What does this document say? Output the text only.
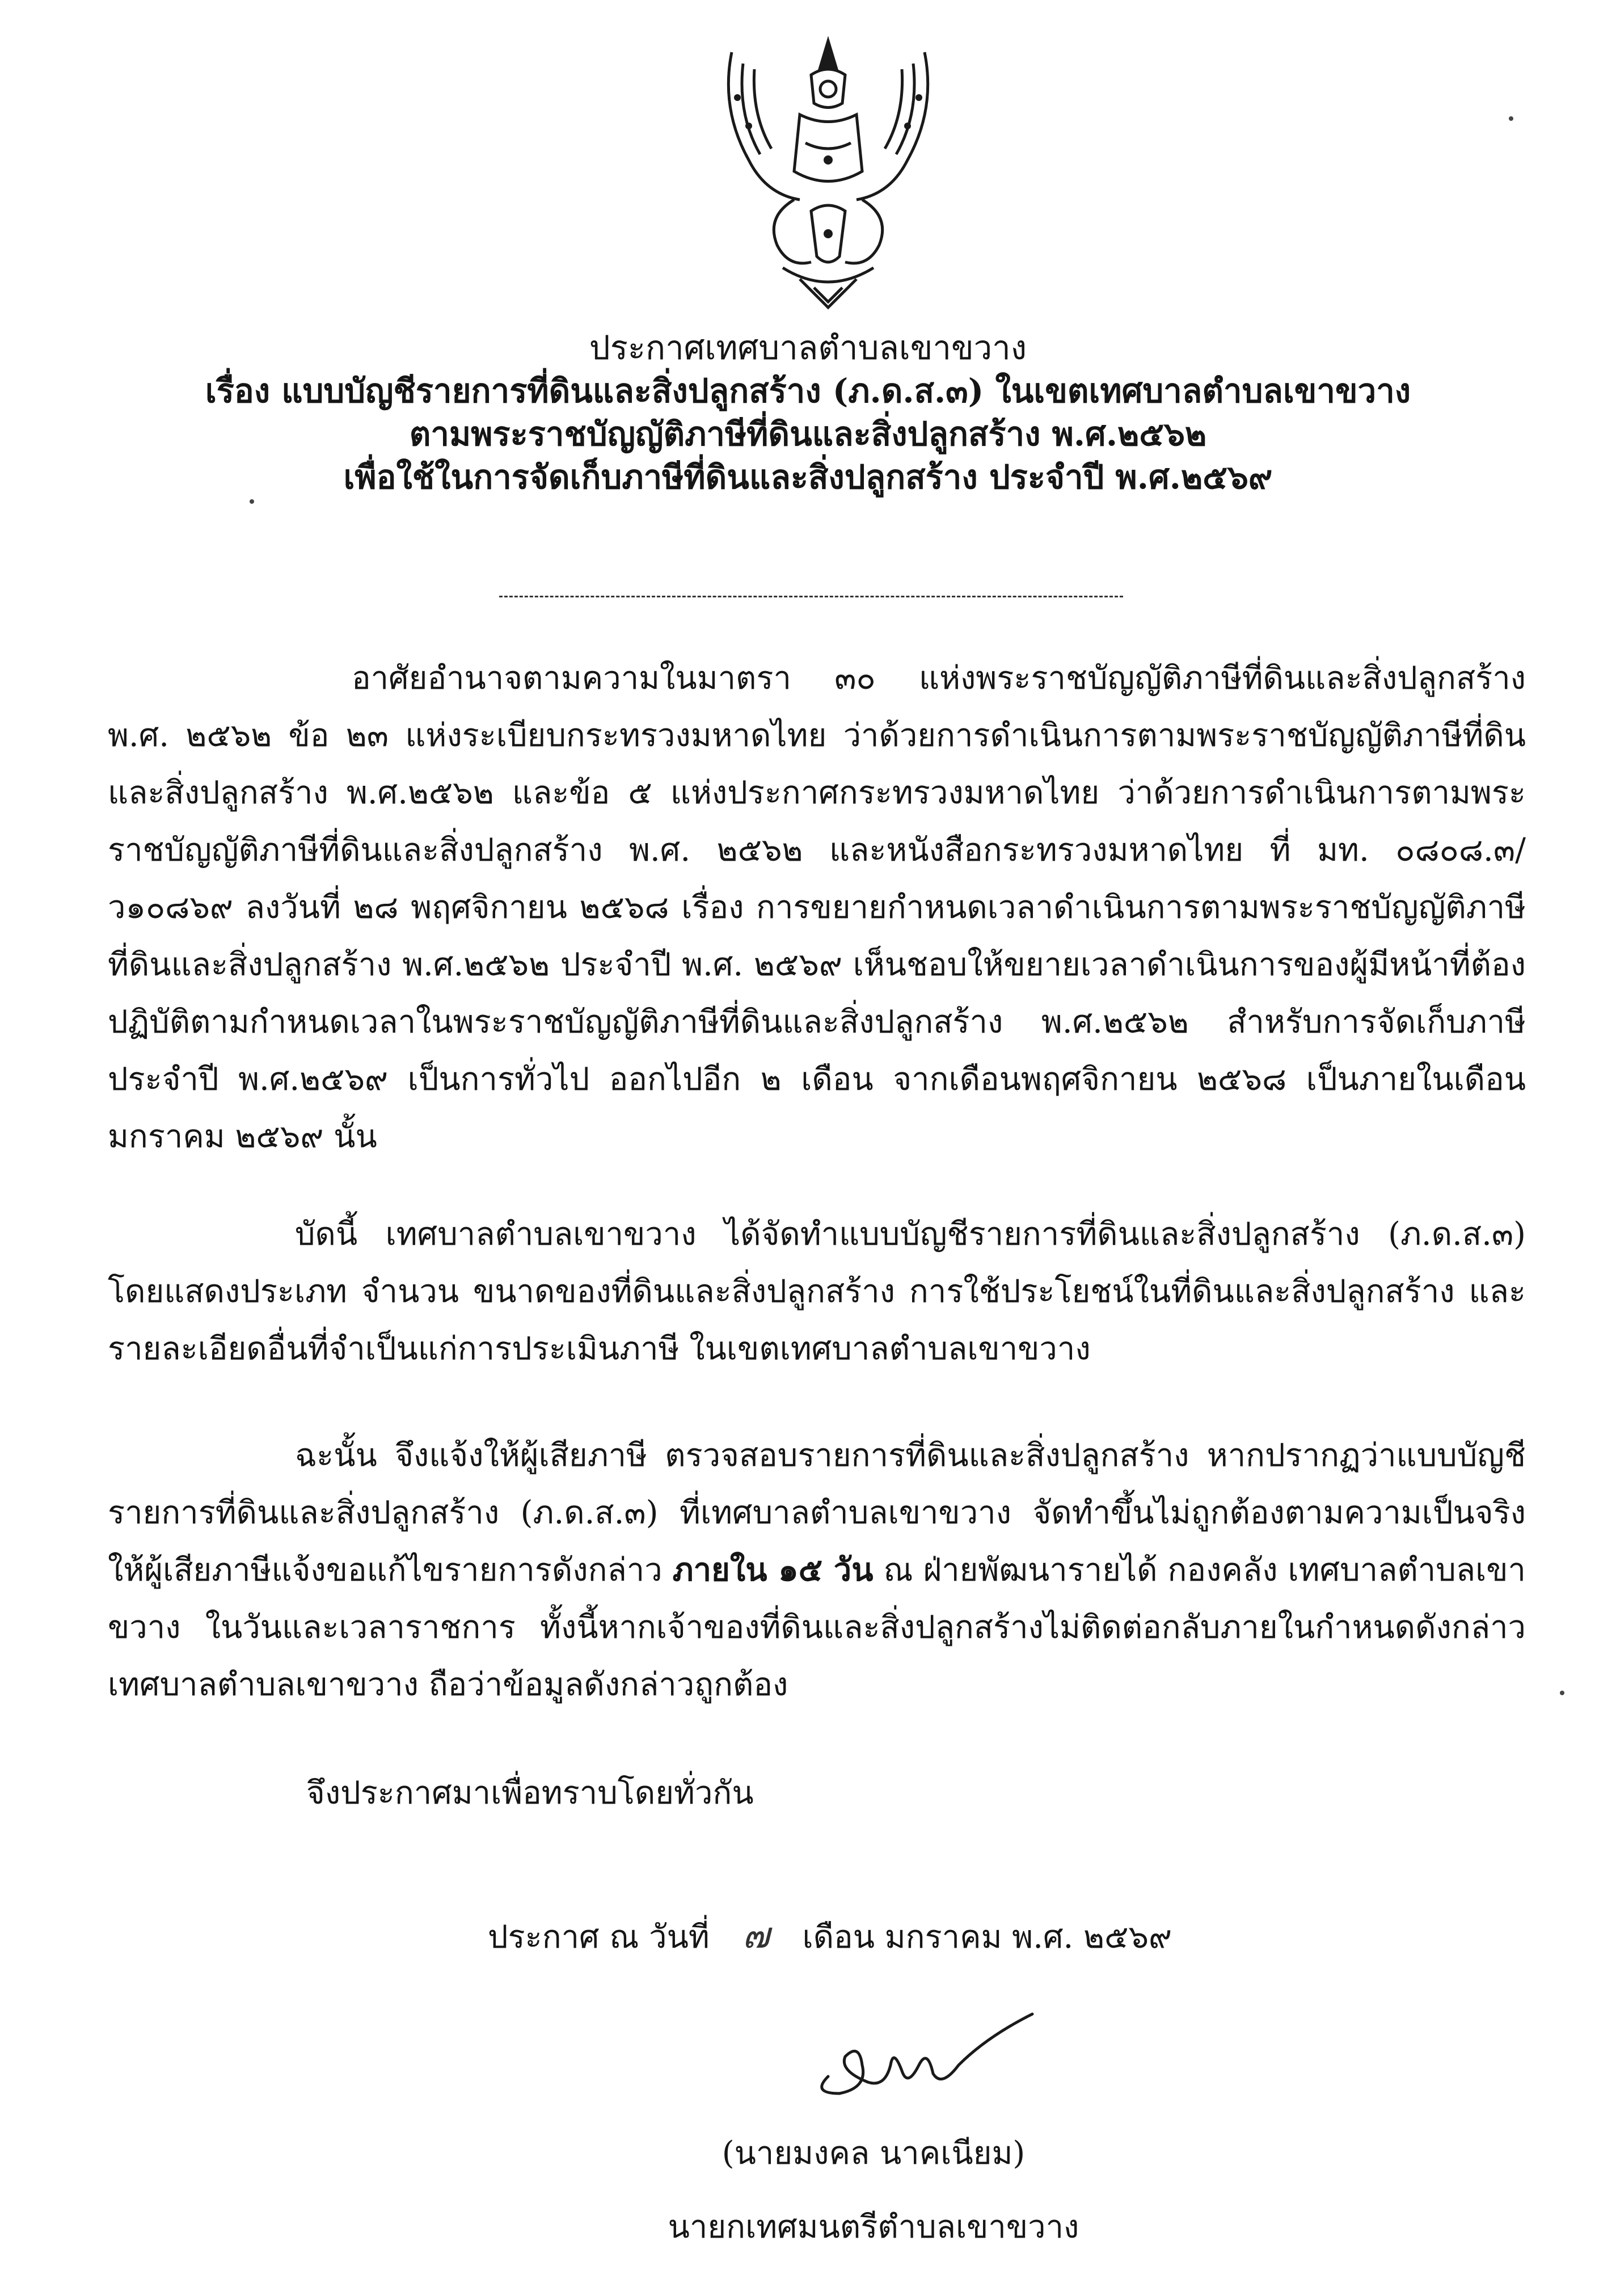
ประกาศเทศบาลตำบลเขาขวาง
เรื่อง แบบบัญชีรายการที่ดินและสิ่งปลูกสร้าง (ภ.ด.ส.๓) ในเขตเทศบาลตำบลเขาขวาง
ตามพระราชบัญญัติภาษีที่ดินและสิ่งปลูกสร้าง พ.ศ.๒๕๖๒
เพื่อใช้ในการจัดเก็บภาษีที่ดินและสิ่งปลูกสร้าง ประจำปี พ.ศ.๒๕๖๙
อาศัยอำนาจตามความในมาตรา ๓๐ แห่งพระราชบัญญัติภาษีที่ดินและสิ่งปลูกสร้าง พ.ศ. ๒๕๖๒ ข้อ ๒๓ แห่งระเบียบกระทรวงมหาดไทย ว่าด้วยการดำเนินการตามพระราชบัญญัติภาษีที่ดินและสิ่งปลูกสร้าง พ.ศ.๒๕๖๒ และข้อ ๕ แห่งประกาศกระทรวงมหาดไทย ว่าด้วยการดำเนินการตามพระราชบัญญัติภาษีที่ดินและสิ่งปลูกสร้าง พ.ศ. ๒๕๖๒ และหนังสือกระทรวงมหาดไทย ที่ มท. ๐๘๐๘.๓/ว๑๐๘๖๙ ลงวันที่ ๒๘ พฤศจิกายน ๒๕๖๘ เรื่อง การขยายกำหนดเวลาดำเนินการตามพระราชบัญญัติภาษีที่ดินและสิ่งปลูกสร้าง พ.ศ.๒๕๖๒ ประจำปี พ.ศ. ๒๕๖๙ เห็นชอบให้ขยายเวลาดำเนินการของผู้มีหน้าที่ต้องปฏิบัติตามกำหนดเวลาในพระราชบัญญัติภาษีที่ดินและสิ่งปลูกสร้าง พ.ศ.๒๕๖๒ สำหรับการจัดเก็บภาษีประจำปี พ.ศ.๒๕๖๙ เป็นการทั่วไป ออกไปอีก ๒ เดือน จากเดือนพฤศจิกายน ๒๕๖๘ เป็นภายในเดือนมกราคม ๒๕๖๙ นั้น
บัดนี้ เทศบาลตำบลเขาขวาง ได้จัดทำแบบบัญชีรายการที่ดินและสิ่งปลูกสร้าง (ภ.ด.ส.๓) โดยแสดงประเภท จำนวน ขนาดของที่ดินและสิ่งปลูกสร้าง การใช้ประโยชน์ในที่ดินและสิ่งปลูกสร้าง และรายละเอียดอื่นที่จำเป็นแก่การประเมินภาษี ในเขตเทศบาลตำบลเขาขวาง
ฉะนั้น จึงแจ้งให้ผู้เสียภาษี ตรวจสอบรายการที่ดินและสิ่งปลูกสร้าง หากปรากฏว่าแบบบัญชีรายการที่ดินและสิ่งปลูกสร้าง (ภ.ด.ส.๓) ที่เทศบาลตำบลเขาขวาง จัดทำขึ้นไม่ถูกต้องตามความเป็นจริงให้ผู้เสียภาษีแจ้งขอแก้ไขรายการดังกล่าว ภายใน ๑๕ วัน ณ ฝ่ายพัฒนารายได้ กองคลัง เทศบาลตำบลเขาขวาง ในวันและเวลาราชการ ทั้งนี้หากเจ้าของที่ดินและสิ่งปลูกสร้างไม่ติดต่อกลับภายในกำหนดดังกล่าว เทศบาลตำบลเขาขวาง ถือว่าข้อมูลดังกล่าวถูกต้อง
จึงประกาศมาเพื่อทราบโดยทั่วกัน
ประกาศ ณ วันที่ ๗ เดือน มกราคม พ.ศ. ๒๕๖๙
(นายมงคล นาคเนียม)
นายกเทศมนตรีตำบลเขาขวาง
